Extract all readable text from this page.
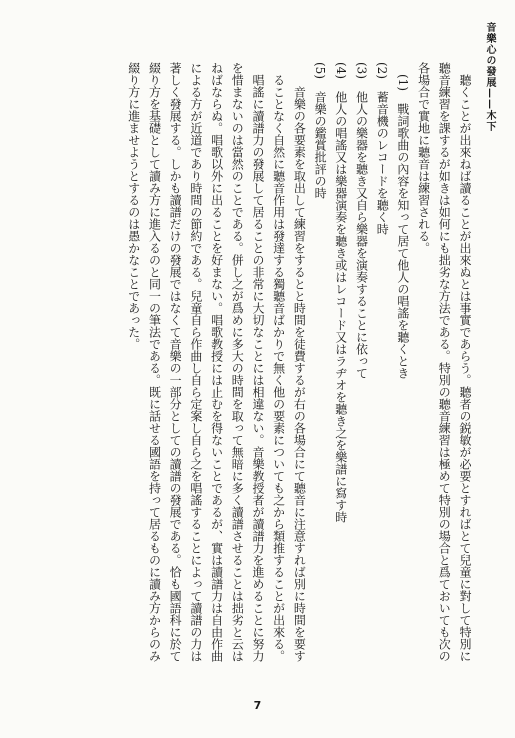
音樂心の發展——木下

聽くことが出來ねば讀ることが出來ぬとは事實であらう。聽者の鋭敏が必要とすればとて兒童に對して特別に聽音練習を課するが如きは如何にも拙劣な方法である。特別の聽音練習は極めて特別の場合と爲ておいても次の各場合で實地に聽音は練習される。

(1)　戰詞歌曲の內容を知って居て他人の唱謠を聽くとき

(2)　蓄音機のレコードを聽く時

(3)　他人の樂器を聽き又自ら樂器を演奏することに依って

(4)　他人の唱謠又は樂器演奏を聽き或はレコード又はラヂオを聽き之を樂譜に寫す時

(5)　音樂の鑑賞批評の時

音樂の各要素を取出して練習をするとと時間を徒費するが右の各場合にて聽音に注意すれば別に時間を要することなく自然に聽音作用は發達する獨聽音ばかりで無く他の要素についても之から類推することが出來る。

唱謠に讀譜力の發展して居ることの非常に大切なことには相違ない。音樂教授者が讀譜力を進めることに努力を惜まないのは當然のことである。併し之が爲めに多大の時間を取って無暗に多く讀譜させることは拙劣と云はねばならぬ。唱歌以外に出ることを好まない。唱歌教授には止むを得ないことであるが、實は讀譜力は自由作曲による方が近道であり時間の節約である。兒童自ら作曲し自ら定案し自ら之を唱謠することによって讀譜の力は著しく發展する。しかも讀譜だけの發展ではなくて音樂の一部分としての讀譜の發展である。恰も國語科に於て綴り方を基礎として讀み方に進入るのと同一の筆法である。既に話せる國語を持って居るものに讀み方からのみ綴り方に進ませようとするのは愚かなことであった。

7
